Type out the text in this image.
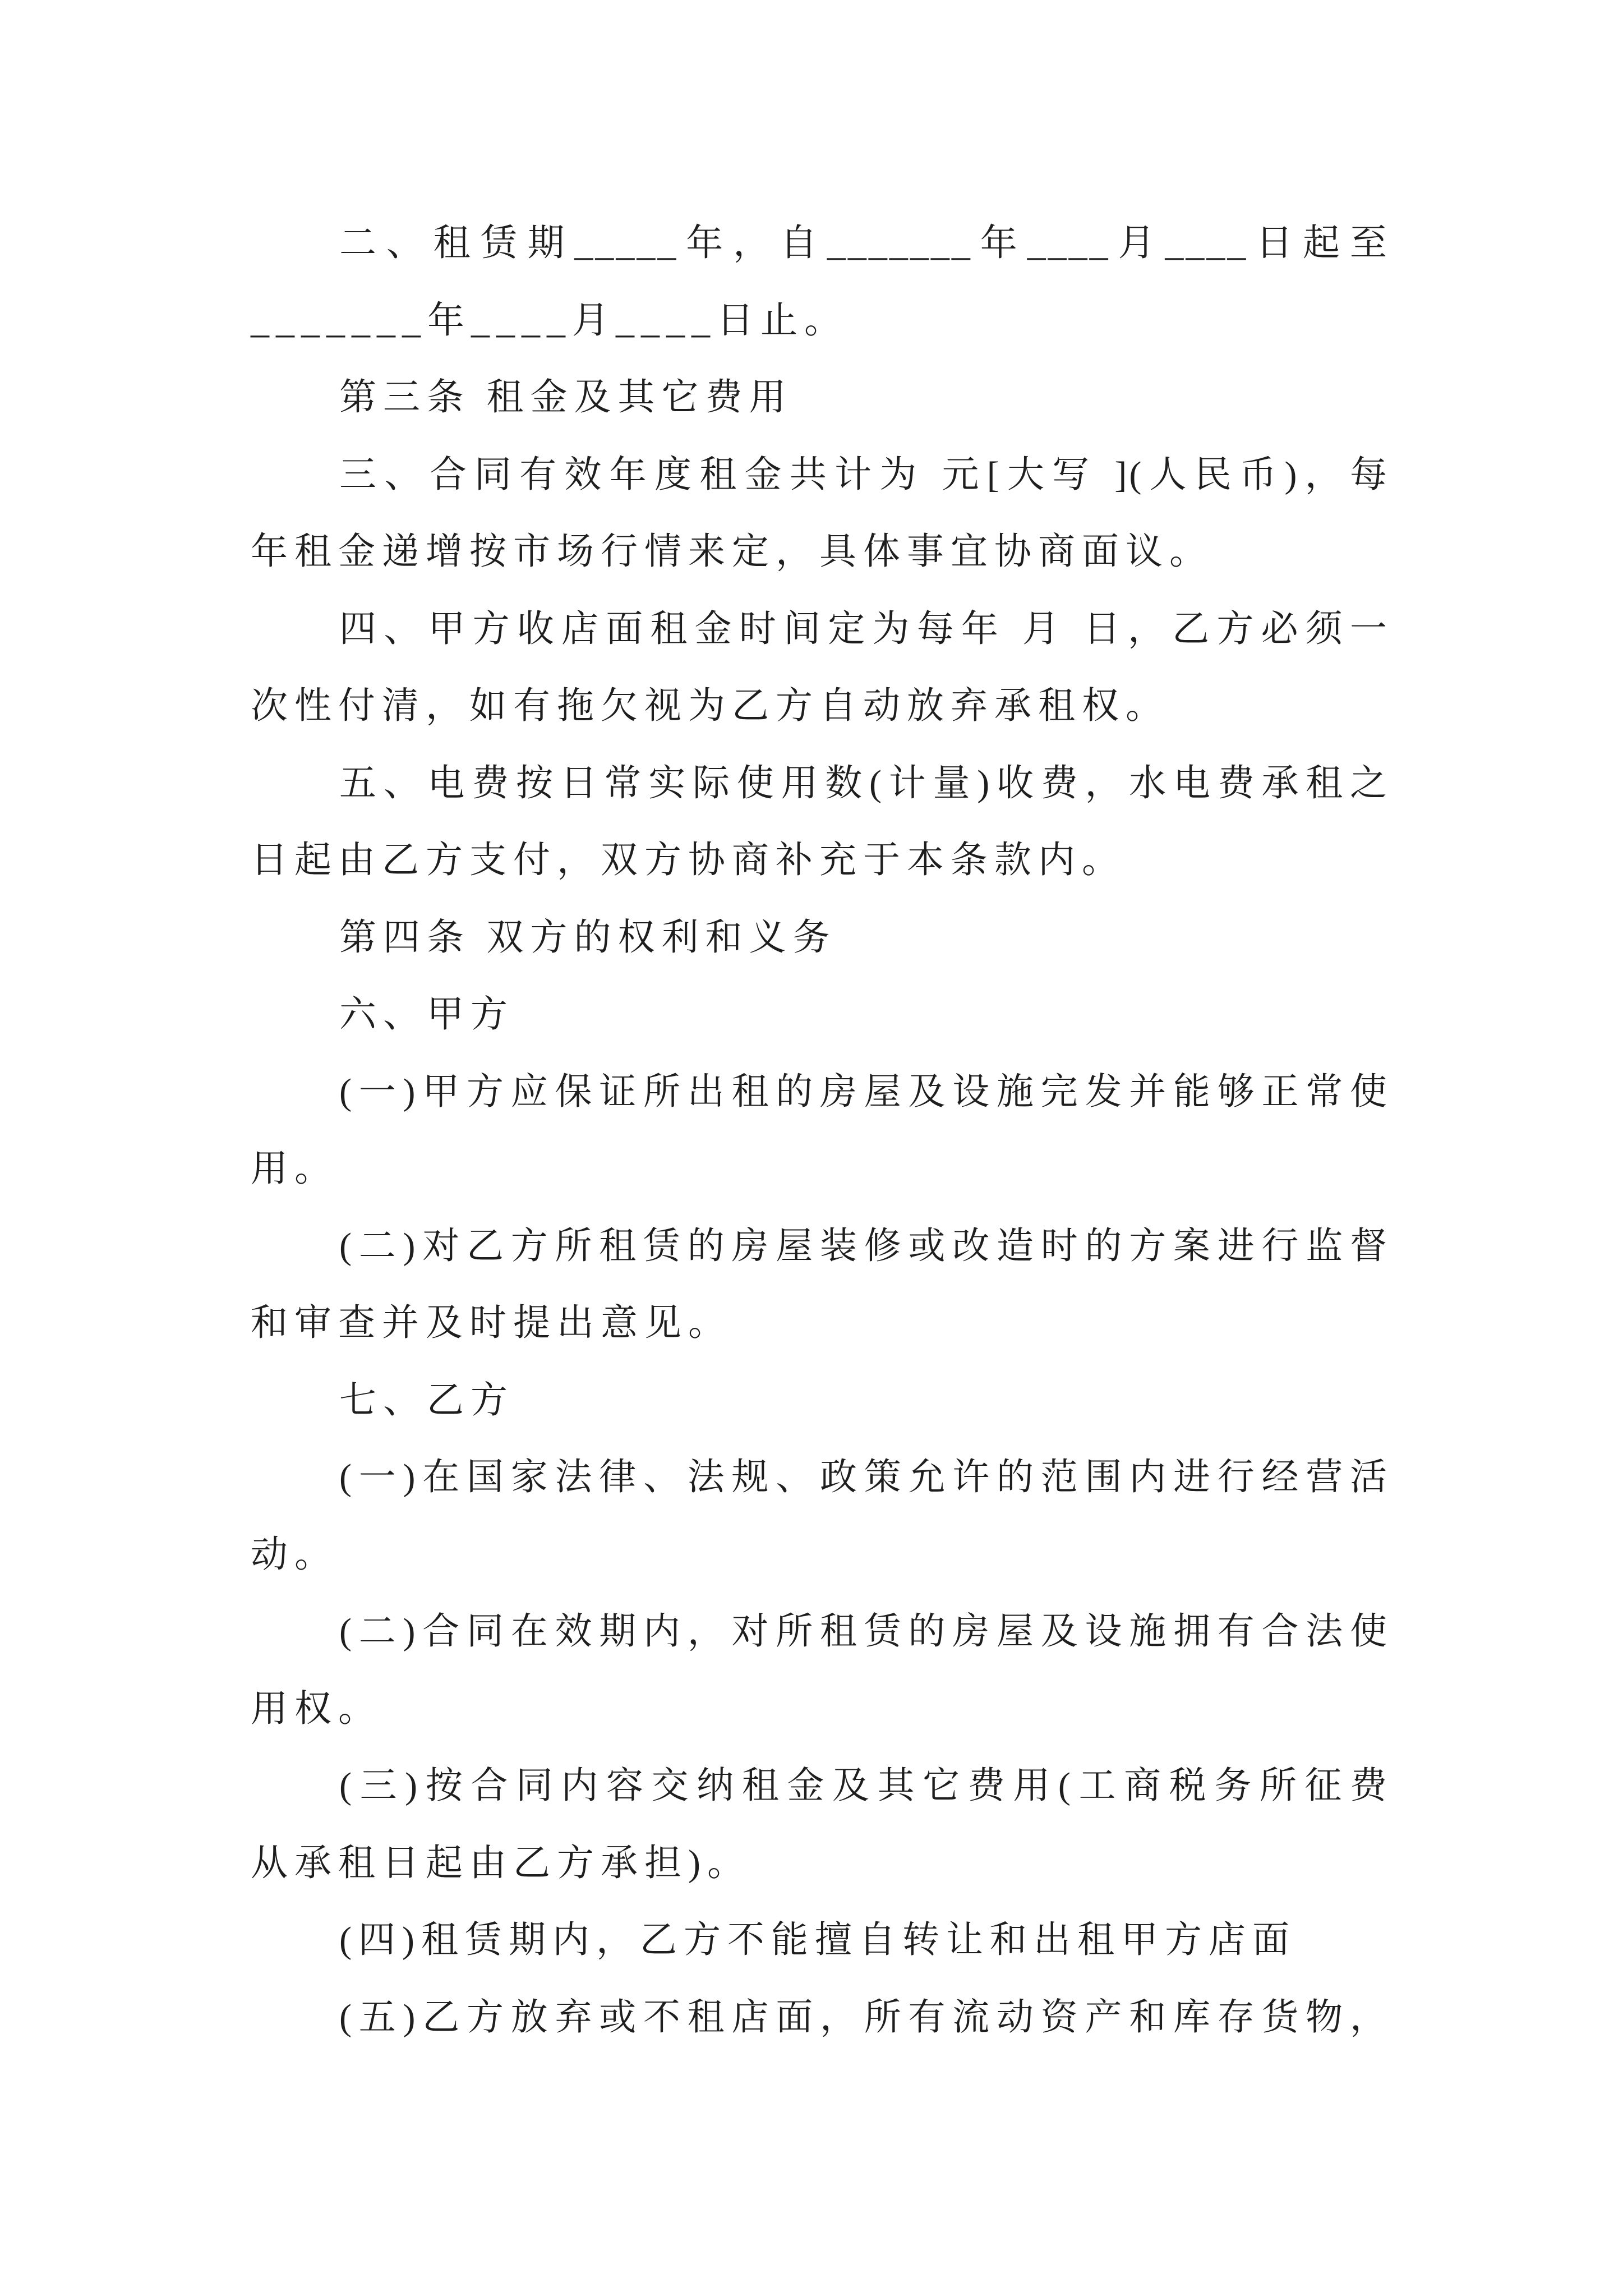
二、租赁期_____年，自_______年____月____日起至
_______年____月____日止。
第三条 租金及其它费用
三、合同有效年度租金共计为 元[大写 ](人民币)，每
年租金递增按市场行情来定，具体事宜协商面议。
四、甲方收店面租金时间定为每年 月 日，乙方必须一
次性付清，如有拖欠视为乙方自动放弃承租权。
五、电费按日常实际使用数(计量)收费，水电费承租之
日起由乙方支付，双方协商补充于本条款内。
第四条 双方的权利和义务
六、甲方
(一)甲方应保证所出租的房屋及设施完发并能够正常使
用。
(二)对乙方所租赁的房屋装修或改造时的方案进行监督
和审查并及时提出意见。
七、乙方
(一)在国家法律、法规、政策允许的范围内进行经营活
动。
(二)合同在效期内，对所租赁的房屋及设施拥有合法使
用权。
(三)按合同内容交纳租金及其它费用(工商税务所征费
从承租日起由乙方承担)。
(四)租赁期内，乙方不能擅自转让和出租甲方店面
(五)乙方放弃或不租店面，所有流动资产和库存货物，
